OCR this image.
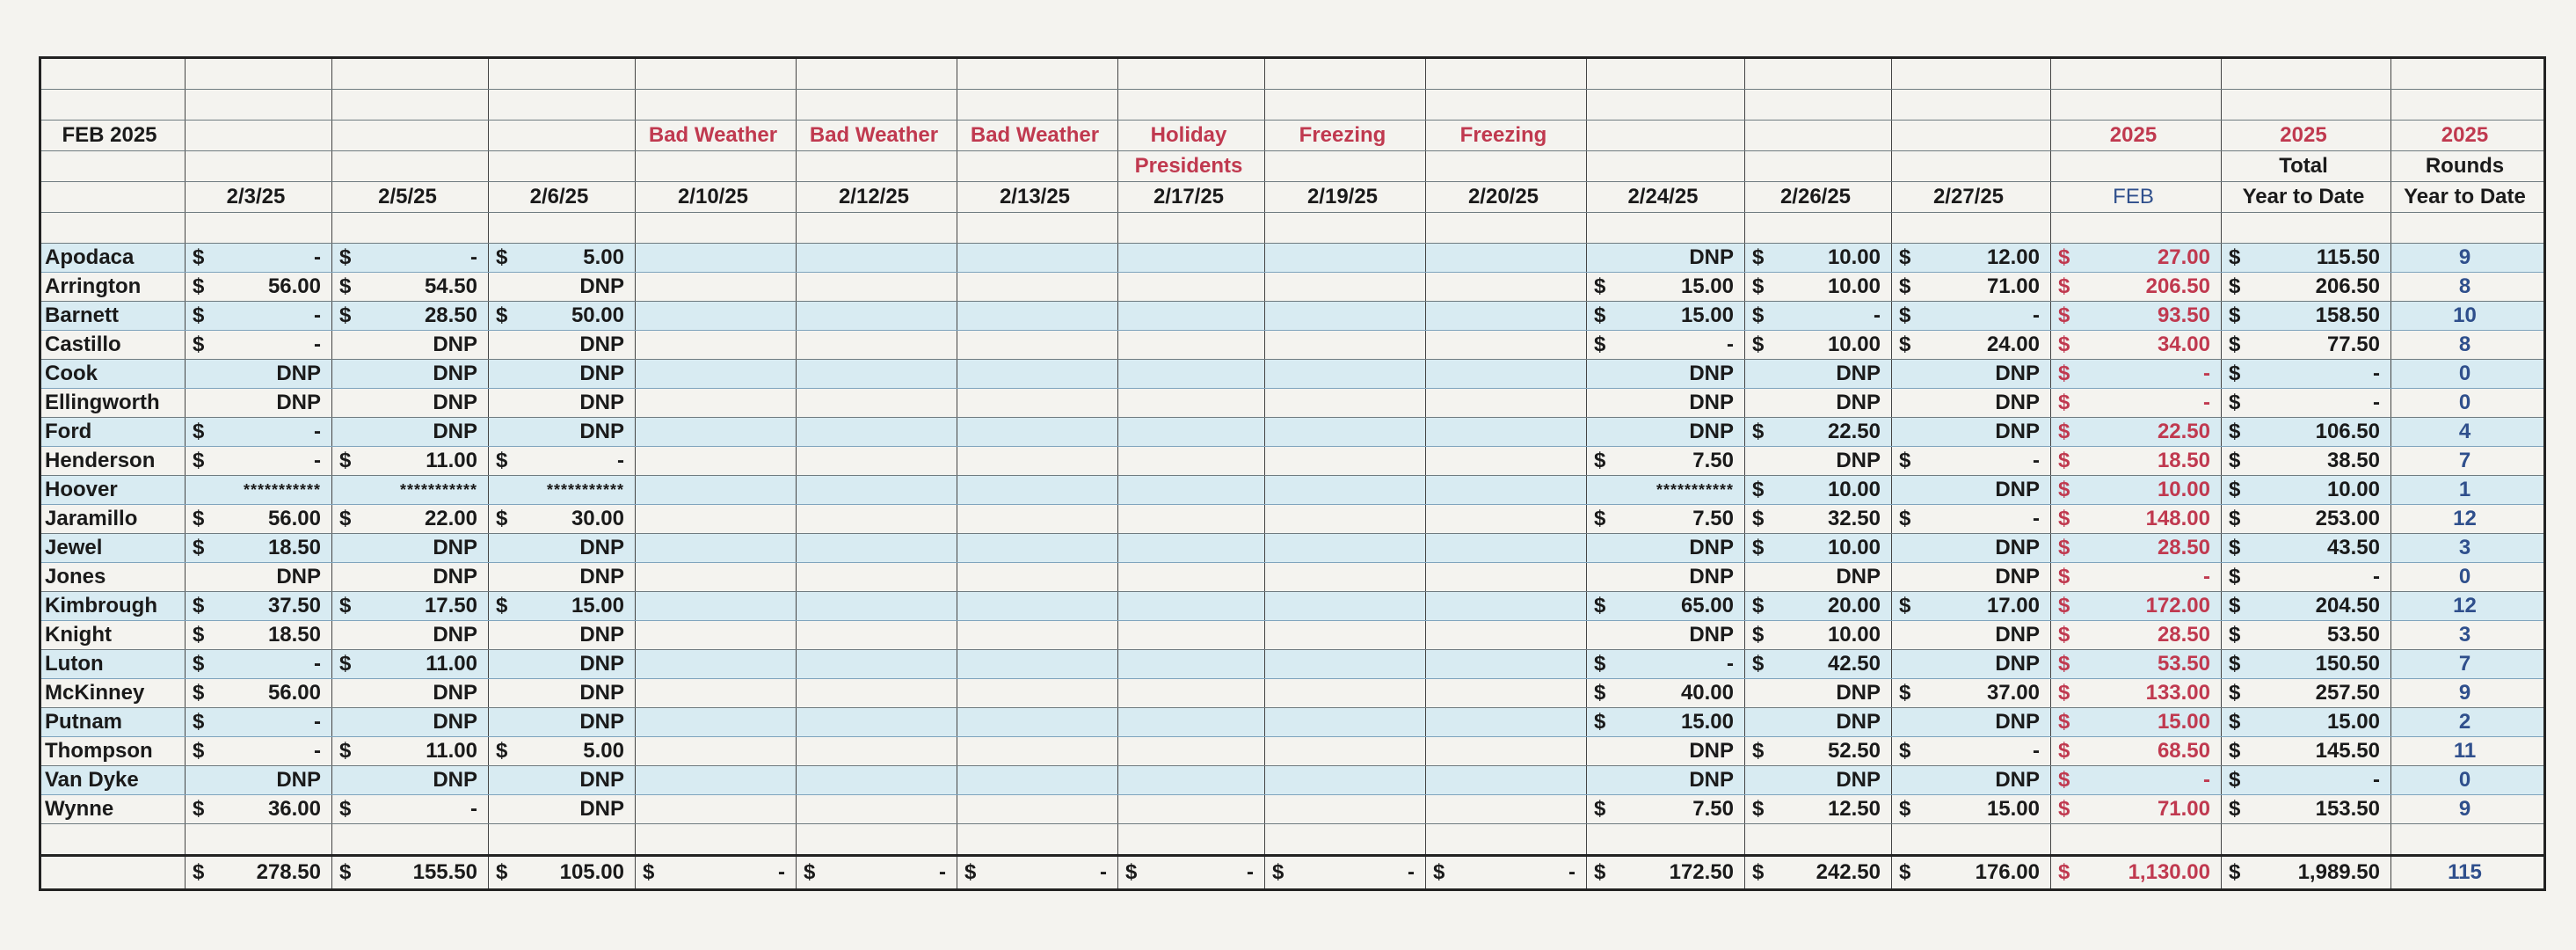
FEB 2025				Bad Weather	Bad Weather	Bad Weather	Holiday	Freezing	Freezing				2025	2025	2025
							Presidents							Total	Rounds
	2/3/25	2/5/25	2/6/25	2/10/25	2/12/25	2/13/25	2/17/25	2/19/25	2/20/25	2/24/25	2/26/25	2/27/25	FEB	Year to Date	Year to Date

Apodaca	$ -	$ -	$ 5.00							DNP	$ 10.00	$ 12.00	$ 27.00	$ 115.50	9
Arrington	$ 56.00	$ 54.50	DNP							$ 15.00	$ 10.00	$ 71.00	$ 206.50	$ 206.50	8
Barnett	$ -	$ 28.50	$ 50.00							$ 15.00	$ -	$ -	$ 93.50	$ 158.50	10
Castillo	$ -	DNP	DNP							$ -	$ 10.00	$ 24.00	$ 34.00	$ 77.50	8
Cook	DNP	DNP	DNP							DNP	DNP	DNP	$ -	$ -	0
Ellingworth	DNP	DNP	DNP							DNP	DNP	DNP	$ -	$ -	0
Ford	$ -	DNP	DNP							DNP	$ 22.50	DNP	$ 22.50	$ 106.50	4
Henderson	$ -	$ 11.00	$ -							$ 7.50	DNP	$ -	$ 18.50	$ 38.50	7
Hoover	***********	***********	***********							***********	$ 10.00	DNP	$ 10.00	$ 10.00	1
Jaramillo	$ 56.00	$ 22.00	$ 30.00							$ 7.50	$ 32.50	$ -	$ 148.00	$ 253.00	12
Jewel	$ 18.50	DNP	DNP							DNP	$ 10.00	DNP	$ 28.50	$ 43.50	3
Jones	DNP	DNP	DNP							DNP	DNP	DNP	$ -	$ -	0
Kimbrough	$ 37.50	$ 17.50	$ 15.00							$ 65.00	$ 20.00	$ 17.00	$ 172.00	$ 204.50	12
Knight	$ 18.50	DNP	DNP							DNP	$ 10.00	DNP	$ 28.50	$ 53.50	3
Luton	$ -	$ 11.00	DNP							$ -	$ 42.50	DNP	$ 53.50	$ 150.50	7
McKinney	$ 56.00	DNP	DNP							$ 40.00	DNP	$ 37.00	$ 133.00	$ 257.50	9
Putnam	$ -	DNP	DNP							$ 15.00	DNP	DNP	$ 15.00	$ 15.00	2
Thompson	$ -	$ 11.00	$ 5.00							DNP	$ 52.50	$ -	$ 68.50	$ 145.50	11
Van Dyke	DNP	DNP	DNP							DNP	DNP	DNP	$ -	$ -	0
Wynne	$ 36.00	$ -	DNP							$ 7.50	$ 12.50	$ 15.00	$ 71.00	$ 153.50	9

	$ 278.50	$ 155.50	$ 105.00	$ -	$ -	$ -	$ -	$ -	$ -	$ 172.50	$ 242.50	$ 176.00	$ 1,130.00	$ 1,989.50	115
